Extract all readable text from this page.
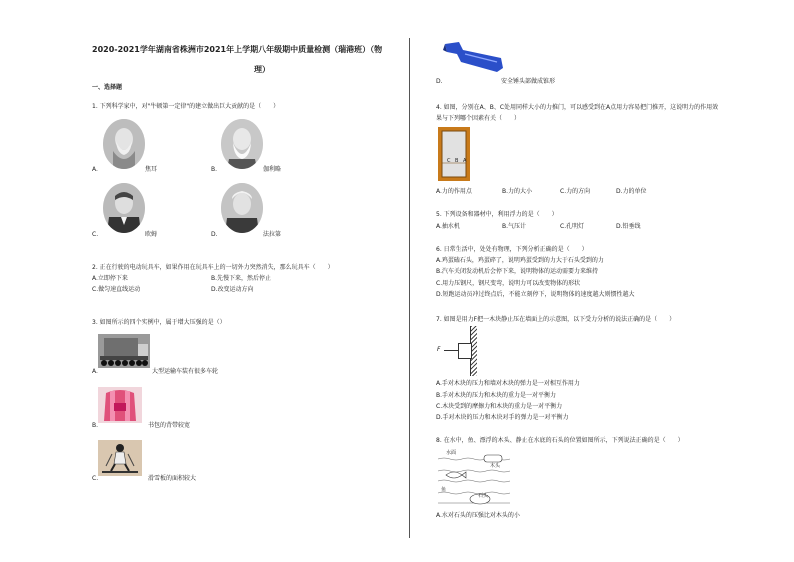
2020-2021学年湖南省株洲市2021年上学期八年级期中质量检测（瑞港班）（物
理）
一、选择题
1. 下列科学家中，对"牛顿第一定律"的建立做出巨大贡献的是（　　）
A.	焦耳	B.	伽利略
C.	欧姆	D.	法拉第
2. 正在行驶的电动玩具车，如果作用在玩具车上的一切外力突然消失，那么玩具车（　　）
A.立即停下来	B.先慢下来，然后停止
C.做匀速直线运动	D.改变运动方向
3. 如图所示的四个实例中，属于增大压强的是（）
A.	大型运输车装有很多车轮
B.	书包的背带较宽
C.	滑雪板的面积较大
D.	安全锤头部做成锥形
4. 如图，分别在A、B、C处用同样大小的力推门，可以感受到在A点用力容易把门推开，这说明力的作用效
果与下列哪个因素有关（　　）
C B A
A.力的作用点	B.力的大小	C.力的方向	D.力的单位
5. 下列设备和器材中，利用浮力的是（　　）
A.抽水机	B.气压计	C.孔明灯	D.铅垂线
6. 日常生活中，处处有物理，下列分析正确的是（　　）
A.鸡蛋磕石头，鸡蛋碎了，说明鸡蛋受到的力大于石头受到的力
B.汽车关闭发动机后会停下来，说明物体的运动需要力来维持
C.用力压钢尺，钢尺变弯，说明力可以改变物体的形状
D.短跑运动员冲过终点后，不能立刻停下，说明物体的速度越大则惯性越大
7. 如图是用力F把一木块静止压在墙面上的示意图，以下受力分析的说法正确的是（　　）
F
A.手对木块的压力和墙对木块的弹力是一对相互作用力
B.手对木块的压力和木块的重力是一对平衡力
C.木块受到的摩擦力和木块的重力是一对平衡力
D.手对木块的压力和木块对手的弹力是一对平衡力
8. 在水中，鱼、漂浮的木头、静止在水底的石头的位置如图所示，下列说法正确的是（　　）
水面
木头
鱼
石头
A.水对石头的压强比对木头的小
